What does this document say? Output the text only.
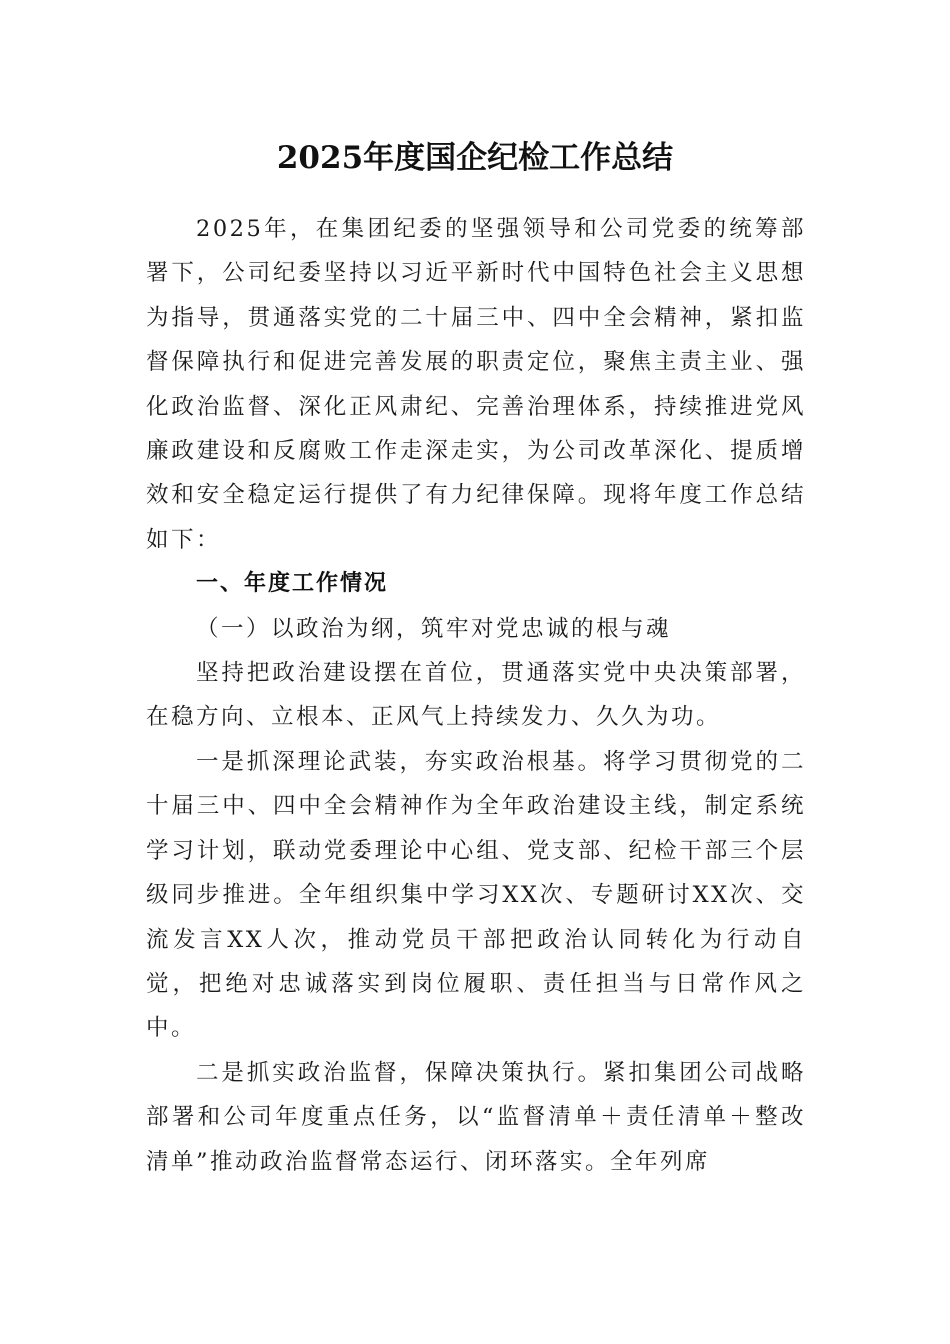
2025年度国企纪检工作总结

2025年，在集团纪委的坚强领导和公司党委的统筹部署下，公司纪委坚持以习近平新时代中国特色社会主义思想为指导，贯通落实党的二十届三中、四中全会精神，紧扣监督保障执行和促进完善发展的职责定位，聚焦主责主业、强化政治监督、深化正风肃纪、完善治理体系，持续推进党风廉政建设和反腐败工作走深走实，为公司改革深化、提质增效和安全稳定运行提供了有力纪律保障。现将年度工作总结如下：

一、年度工作情况

（一）以政治为纲，筑牢对党忠诚的根与魂

坚持把政治建设摆在首位，贯通落实党中央决策部署，在稳方向、立根本、正风气上持续发力、久久为功。

一是抓深理论武装，夯实政治根基。将学习贯彻党的二十届三中、四中全会精神作为全年政治建设主线，制定系统学习计划，联动党委理论中心组、党支部、纪检干部三个层级同步推进。全年组织集中学习XX次、专题研讨XX次、交流发言XX人次，推动党员干部把政治认同转化为行动自觉，把绝对忠诚落实到岗位履职、责任担当与日常作风之中。

二是抓实政治监督，保障决策执行。紧扣集团公司战略部署和公司年度重点任务，以“监督清单＋责任清单＋整改清单”推动政治监督常态运行、闭环落实。全年列席
